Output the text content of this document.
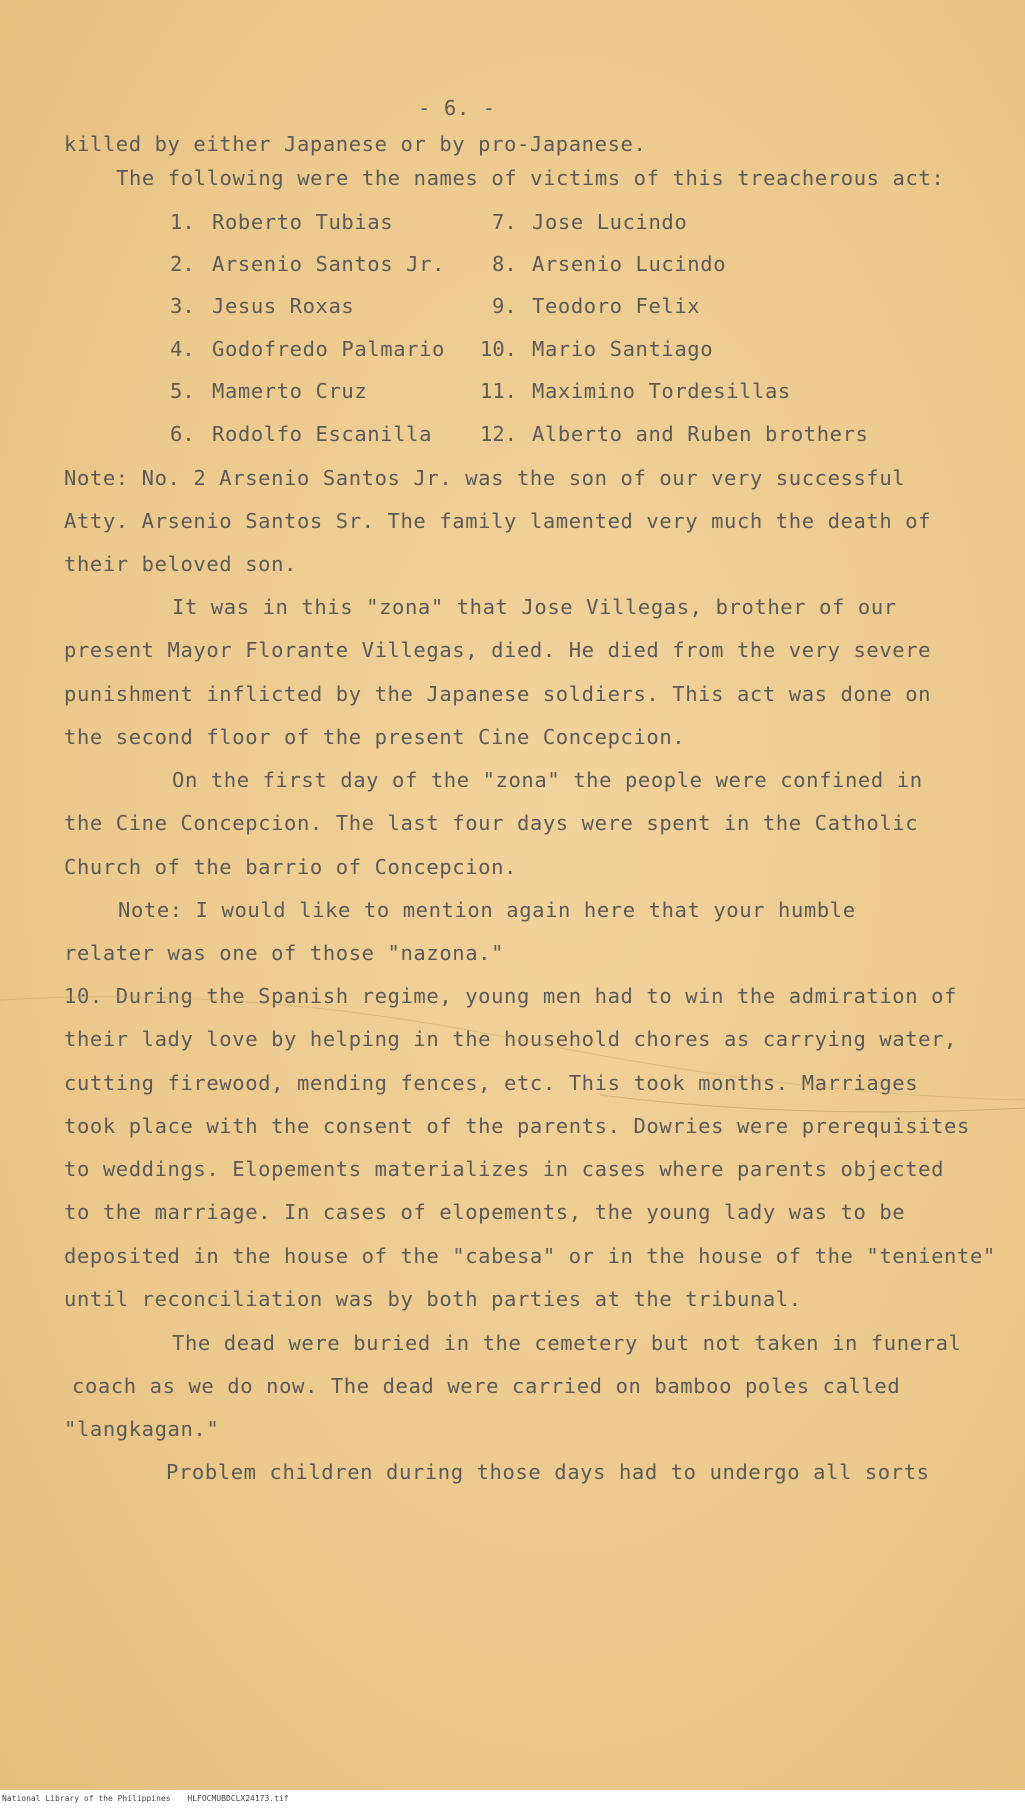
- 6. -
killed by either Japanese or by pro-Japanese.
The following were the names of victims of this treacherous act:
1. Roberto Tubias
2. Arsenio Santos Jr.
3. Jesus Roxas
4. Godofredo Palmario
5. Mamerto Cruz
6. Rodolfo Escanilla
7. Jose Lucindo
8. Arsenio Lucindo
9. Teodoro Felix
10. Mario Santiago
11. Maximino Tordesillas
12. Alberto and Ruben brothers
Note: No. 2 Arsenio Santos Jr. was the son of our very successful
Atty. Arsenio Santos Sr. The family lamented very much the death of
their beloved son.
It was in this "zona" that Jose Villegas, brother of our
present Mayor Florante Villegas, died. He died from the very severe
punishment inflicted by the Japanese soldiers. This act was done on
the second floor of the present Cine Concepcion.
On the first day of the "zona" the people were confined in
the Cine Concepcion. The last four days were spent in the Catholic
Church of the barrio of Concepcion.
Note: I would like to mention again here that your humble
relater was one of those "nazona."
10. During the Spanish regime, young men had to win the admiration of
their lady love by helping in the household chores as carrying water,
cutting firewood, mending fences, etc. This took months. Marriages
took place with the consent of the parents. Dowries were prerequisites
to weddings. Elopements materializes in cases where parents objected
to the marriage. In cases of elopements, the young lady was to be
deposited in the house of the "cabesa" or in the house of the "teniente"
until reconciliation was by both parties at the tribunal.
The dead were buried in the cemetery but not taken in funeral
coach as we do now. The dead were carried on bamboo poles called
"langkagan."
Problem children during those days had to undergo all sorts
National Library of the Philippines HLFOCMUBDCLX24173.tif
